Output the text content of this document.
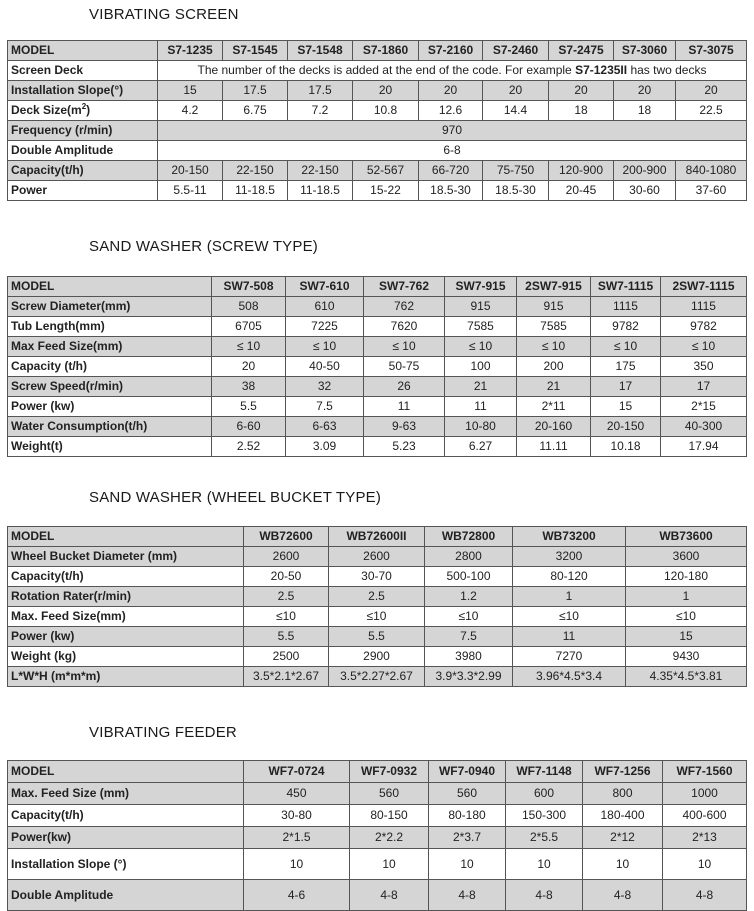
VIBRATING SCREEN
MODEL	S7-1235	S7-1545	S7-1548	S7-1860	S7-2160	S7-2460	S7-2475	S7-3060	S7-3075
Screen Deck	The number of the decks is added at the end of the code. For example S7-1235II has two decks								
Installation Slope(°)	15	17.5	17.5	20	20	20	20	20	20
Deck $Size(m^2)$	4.2	6.75	7.2	10.8	12.6	14.4	18	18	22.5
Frequency (r/min)	970								
Double Amplitude	6-8								
Capacity(t/h)	20-150	22-150	22-150	52-567	66-720	75-750	120-900	200-900	840-1080
Power	5.5-11	11-18.5	11-18.5	15-22	18.5-30	18.5-30	20-45	30-60	37-60
SAND WASHER (SCREW TYPE)
MODEL	SW7-508	SW7-610	SW7-762	SW7-915	2SW7-915	SW7-1115	2SW7-1115
Screw Diameter(mm)	508	610	762	915	915	1115	1115
Tub Length(mm)	6705	7225	7620	7585	7585	9782	9782
Max Feed Size(mm)	≤ 10	≤ 10	≤ 10	≤ 10	≤ 10	≤ 10	≤ 10
Capacity (t/h)	20	40-50	50-75	100	200	175	350
Screw Speed(r/min)	38	32	26	21	21	17	17
Power (kw)	5.5	7.5	11	11	2*11	15	2*15
Water Consumption(t/h)	6-60	6-63	9-63	10-80	20-160	20-150	40-300
Weight(t)	2.52	3.09	5.23	6.27	11.11	10.18	17.94
SAND WASHER (WHEEL BUCKET TYPE)
MODEL	WB72600	WB72600II	WB72800	WB73200	WB73600
Wheel Bucket Diameter (mm)	2600	2600	2800	3200	3600
Capacity(t/h)	20-50	30-70	500-100	80-120	120-180
Rotation Rater(r/min)	2.5	2.5	1.2	1	1
Max. Feed Size(mm)	≤10	≤10	≤10	≤10	≤10
Power (kw)	5.5	5.5	7.5	11	15
Weight (kg)	2500	2900	3980	7270	9430
L*W*H (m*m*m)	3.5*2.1*2.67	3.5*2.27*2.67	3.9*3.3*2.99	3.96*4.5*3.4	4.35*4.5*3.81
VIBRATING FEEDER
MODEL	WF7-0724	WF7-0932	WF7-0940	WF7-1148	WF7-1256	WF7-1560
Max. Feed Size (mm)	450	560	560	600	800	1000
Capacity(t/h)	30-80	80-150	80-180	150-300	180-400	400-600
Power(kw)	2*1.5	2*2.2	2*3.7	2*5.5	2*12	2*13
Installation Slope (°)	10	10	10	10	10	10
Double Amplitude	4-6	4-8	4-8	4-8	4-8	4-8
